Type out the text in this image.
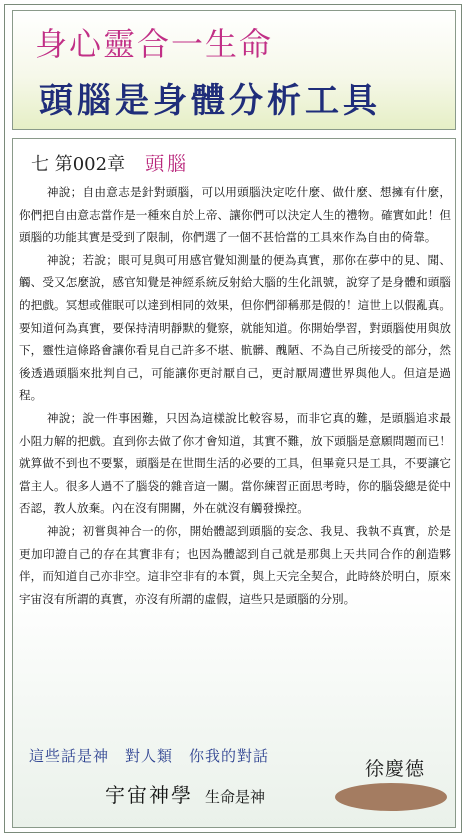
身心靈合一生命
頭腦是身體分析工具
七 第002章 頭腦

神說；自由意志是針對頭腦，可以用頭腦決定吃什麼、做什麼、想擁有什麼，你們把自由意志當作是一種來自於上帝、讓你們可以決定人生的禮物。確實如此！但頭腦的功能其實是受到了限制，你們選了一個不甚恰當的工具來作為自由的倚靠。

神說；若說；眼可見與可用感官覺知測量的便為真實，那你在夢中的見、聞、觸、受又怎麼說，感官知覺是神經系統反射給大腦的生化訊號，說穿了是身體和頭腦的把戲。冥想或催眠可以達到相同的效果，但你們卻稱那是假的！這世上以假亂真。要知道何為真實，要保持清明靜默的覺察，就能知道。你開始學習，對頭腦使用與放下，靈性這條路會讓你看見自己許多不堪、骯髒、醜陋、不為自己所接受的部分，然後透過頭腦來批判自己，可能讓你更討厭自己，更討厭周遭世界與他人。但這是過程。

神說；說一件事困難，只因為這樣說比較容易，而非它真的難，是頭腦追求最小阻力解的把戲。直到你去做了你才會知道，其實不難，放下頭腦是意願問題而已！就算做不到也不要緊，頭腦是在世間生活的必要的工具，但畢竟只是工具，不要讓它當主人。很多人過不了腦袋的雜音這一關。當你練習正面思考時，你的腦袋總是從中否認，教人放棄。內在沒有開關，外在就沒有觸發操控。

神說；初嘗與神合一的你，開始體認到頭腦的妄念、我見、我執不真實，於是更加印證自己的存在其實非有；也因為體認到自己就是那與上天共同合作的創造夥伴，而知道自己亦非空。這非空非有的本質，與上天完全契合，此時終於明白，原來宇宙沒有所謂的真實，亦沒有所謂的虛假，這些只是頭腦的分別。

這些話是神　對人類　你我的對話
宇宙神學 生命是神
徐慶德
